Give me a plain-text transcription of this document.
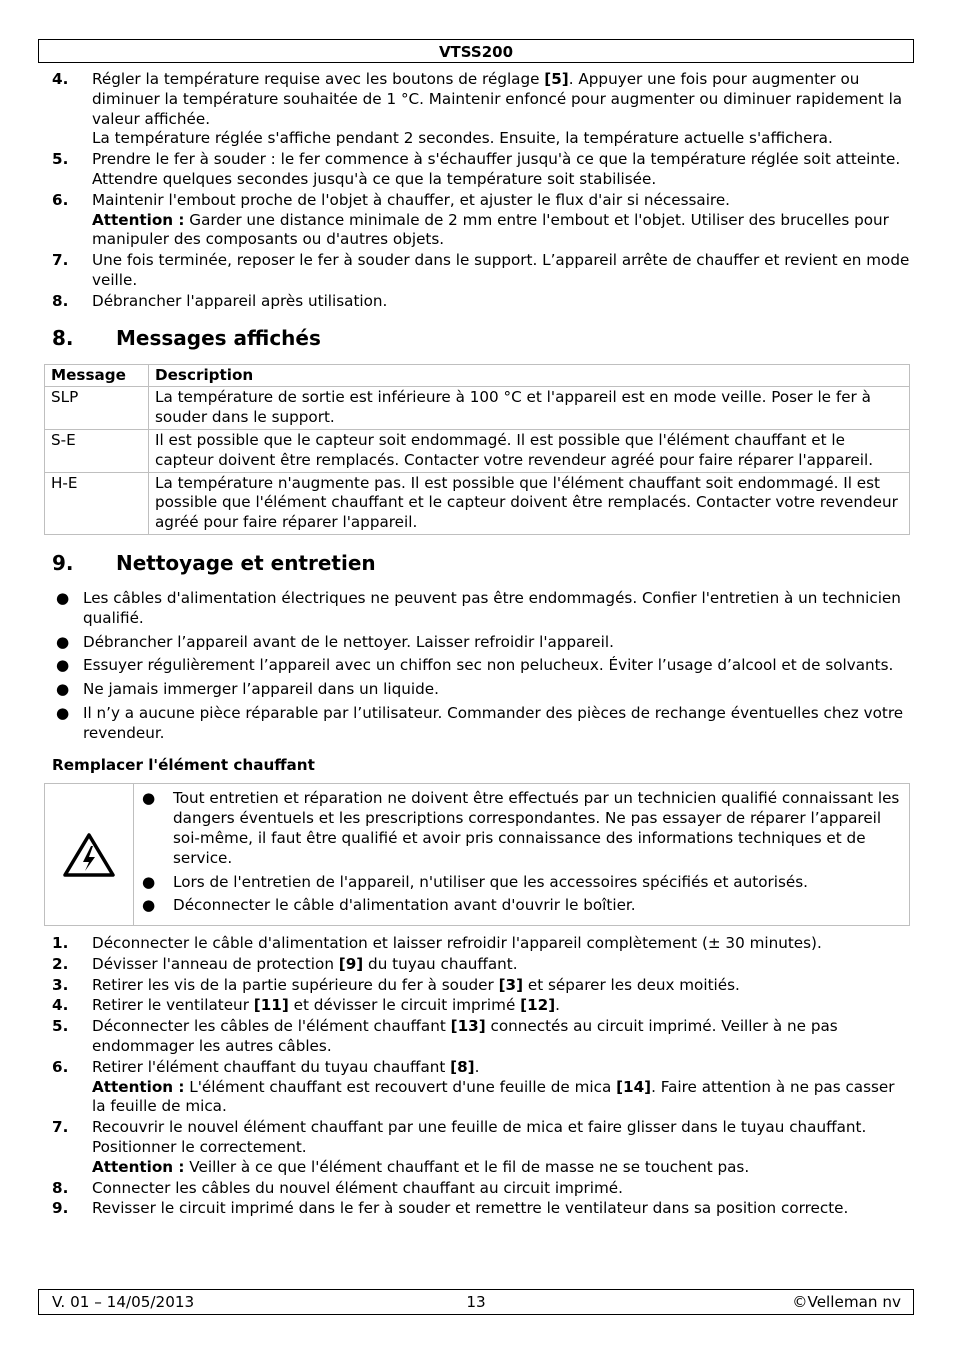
VTSS200
4. Régler la température requise avec les boutons de réglage [5]. Appuyer une fois pour augmenter ou diminuer la température souhaitée de 1 °C. Maintenir enfoncé pour augmenter ou diminuer rapidement la valeur affichée.
La température réglée s'affiche pendant 2 secondes. Ensuite, la température actuelle s'affichera.
5. Prendre le fer à souder : le fer commence à s'échauffer jusqu'à ce que la température réglée soit atteinte. Attendre quelques secondes jusqu'à ce que la température soit stabilisée.
6. Maintenir l'embout proche de l'objet à chauffer, et ajuster le flux d'air si nécessaire.
Attention : Garder une distance minimale de 2 mm entre l'embout et l'objet. Utiliser des brucelles pour manipuler des composants ou d'autres objets.
7. Une fois terminée, reposer le fer à souder dans le support. L’appareil arrête de chauffer et revient en mode veille.
8. Débrancher l'appareil après utilisation.
8. Messages affichés
Message	Description
SLP	La température de sortie est inférieure à 100 °C et l'appareil est en mode veille. Poser le fer à souder dans le support.
S-E	Il est possible que le capteur soit endommagé. Il est possible que l'élément chauffant et le capteur doivent être remplacés. Contacter votre revendeur agréé pour faire réparer l'appareil.
H-E	La température n'augmente pas. Il est possible que l'élément chauffant soit endommagé. Il est possible que l'élément chauffant et le capteur doivent être remplacés. Contacter votre revendeur agréé pour faire réparer l'appareil.
9. Nettoyage et entretien
● Les câbles d'alimentation électriques ne peuvent pas être endommagés. Confier l'entretien à un technicien qualifié.
● Débrancher l’appareil avant de le nettoyer. Laisser refroidir l'appareil.
● Essuyer régulièrement l’appareil avec un chiffon sec non pelucheux. Éviter l’usage d’alcool et de solvants.
● Ne jamais immerger l’appareil dans un liquide.
● Il n’y a aucune pièce réparable par l’utilisateur. Commander des pièces de rechange éventuelles chez votre revendeur.
Remplacer l'élément chauffant
● Tout entretien et réparation ne doivent être effectués par un technicien qualifié connaissant les dangers éventuels et les prescriptions correspondantes. Ne pas essayer de réparer l’appareil soi-même, il faut être qualifié et avoir pris connaissance des informations techniques et de service.
● Lors de l'entretien de l'appareil, n'utiliser que les accessoires spécifiés et autorisés.
● Déconnecter le câble d'alimentation avant d'ouvrir le boîtier.
1. Déconnecter le câble d'alimentation et laisser refroidir l'appareil complètement (± 30 minutes).
2. Dévisser l'anneau de protection [9] du tuyau chauffant.
3. Retirer les vis de la partie supérieure du fer à souder [3] et séparer les deux moitiés.
4. Retirer le ventilateur [11] et dévisser le circuit imprimé [12].
5. Déconnecter les câbles de l'élément chauffant [13] connectés au circuit imprimé. Veiller à ne pas endommager les autres câbles.
6. Retirer l'élément chauffant du tuyau chauffant [8].
Attention : L'élément chauffant est recouvert d'une feuille de mica [14]. Faire attention à ne pas casser la feuille de mica.
7. Recouvrir le nouvel élément chauffant par une feuille de mica et faire glisser dans le tuyau chauffant. Positionner le correctement.
Attention : Veiller à ce que l'élément chauffant et le fil de masse ne se touchent pas.
8. Connecter les câbles du nouvel élément chauffant au circuit imprimé.
9. Revisser le circuit imprimé dans le fer à souder et remettre le ventilateur dans sa position correcte.
V. 01 – 14/05/2013	13	©Velleman nv
